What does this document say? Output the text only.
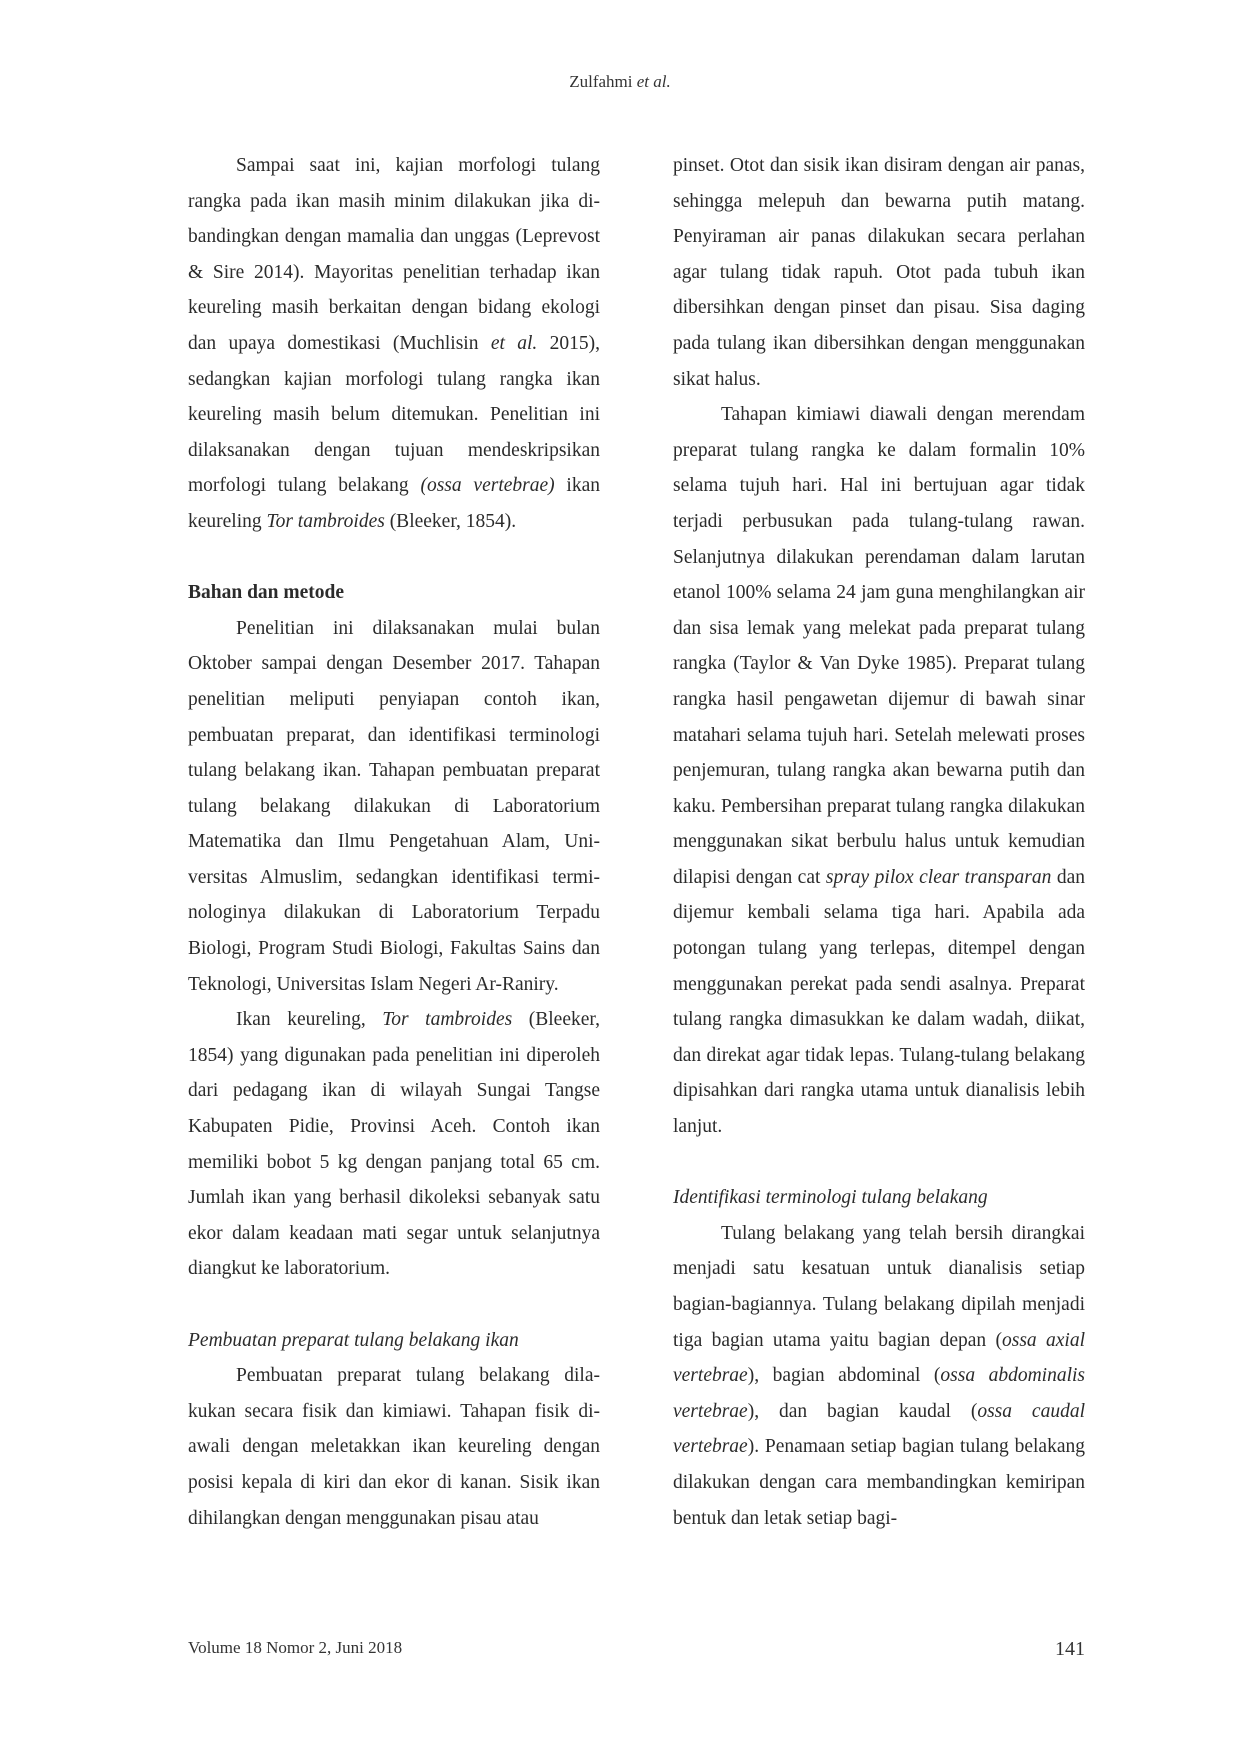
Zulfahmi et al.

Sampai saat ini, kajian morfologi tulang rangka pada ikan masih minim dilakukan jika dibandingkan dengan mamalia dan unggas (Leprevost & Sire 2014). Mayoritas penelitian terhadap ikan keureling masih berkaitan dengan bidang ekologi dan upaya domestikasi (Muchlisin et al. 2015), sedangkan kajian morfologi tulang rangka ikan keureling masih belum ditemukan. Penelitian ini dilaksanakan dengan tujuan mendeskripsikan morfologi tulang belakang (ossa vertebrae) ikan keureling Tor tambroides (Bleeker, 1854).

Bahan dan metode

Penelitian ini dilaksanakan mulai bulan Oktober sampai dengan Desember 2017. Tahapan penelitian meliputi penyiapan contoh ikan, pembuatan preparat, dan identifikasi terminologi tulang belakang ikan. Tahapan pembuatan preparat tulang belakang dilakukan di Laboratorium Matematika dan Ilmu Pengetahuan Alam, Universitas Almuslim, sedangkan identifikasi terminologinya dilakukan di Laboratorium Terpadu Biologi, Program Studi Biologi, Fakultas Sains dan Teknologi, Universitas Islam Negeri Ar-Raniry.

Ikan keureling, Tor tambroides (Bleeker, 1854) yang digunakan pada penelitian ini diperoleh dari pedagang ikan di wilayah Sungai Tangse Kabupaten Pidie, Provinsi Aceh. Contoh ikan memiliki bobot 5 kg dengan panjang total 65 cm. Jumlah ikan yang berhasil dikoleksi sebanyak satu ekor dalam keadaan mati segar untuk selanjutnya diangkut ke laboratorium.

Pembuatan preparat tulang belakang ikan

Pembuatan preparat tulang belakang dilakukan secara fisik dan kimiawi. Tahapan fisik diawali dengan meletakkan ikan keureling dengan posisi kepala di kiri dan ekor di kanan. Sisik ikan dihilangkan dengan menggunakan pisau atau

pinset. Otot dan sisik ikan disiram dengan air panas, sehingga melepuh dan bewarna putih matang. Penyiraman air panas dilakukan secara perlahan agar tulang tidak rapuh. Otot pada tubuh ikan dibersihkan dengan pinset dan pisau. Sisa daging pada tulang ikan dibersihkan dengan menggunakan sikat halus.

Tahapan kimiawi diawali dengan merendam preparat tulang rangka ke dalam formalin 10% selama tujuh hari. Hal ini bertujuan agar tidak terjadi perbusukan pada tulang-tulang rawan. Selanjutnya dilakukan perendaman dalam larutan etanol 100% selama 24 jam guna menghilangkan air dan sisa lemak yang melekat pada preparat tulang rangka (Taylor & Van Dyke 1985). Preparat tulang rangka hasil pengawetan dijemur di bawah sinar matahari selama tujuh hari. Setelah melewati proses penjemuran, tulang rangka akan bewarna putih dan kaku. Pembersihan preparat tulang rangka dilakukan menggunakan sikat berbulu halus untuk kemudian dilapisi dengan cat spray pilox clear transparan dan dijemur kembali selama tiga hari. Apabila ada potongan tulang yang terlepas, ditempel dengan menggunakan perekat pada sendi asalnya. Preparat tulang rangka dimasukkan ke dalam wadah, diikat, dan direkat agar tidak lepas. Tulang-tulang belakang dipisahkan dari rangka utama untuk dianalisis lebih lanjut.

Identifikasi terminologi tulang belakang

Tulang belakang yang telah bersih dirangkai menjadi satu kesatuan untuk dianalisis setiap bagian-bagiannya. Tulang belakang dipilah menjadi tiga bagian utama yaitu bagian depan (ossa axial vertebrae), bagian abdominal (ossa abdominalis vertebrae), dan bagian kaudal (ossa caudal vertebrae). Penamaan setiap bagian tulang belakang dilakukan dengan cara membandingkan kemiripan bentuk dan letak setiap bagi-

Volume 18 Nomor 2, Juni 2018	141
